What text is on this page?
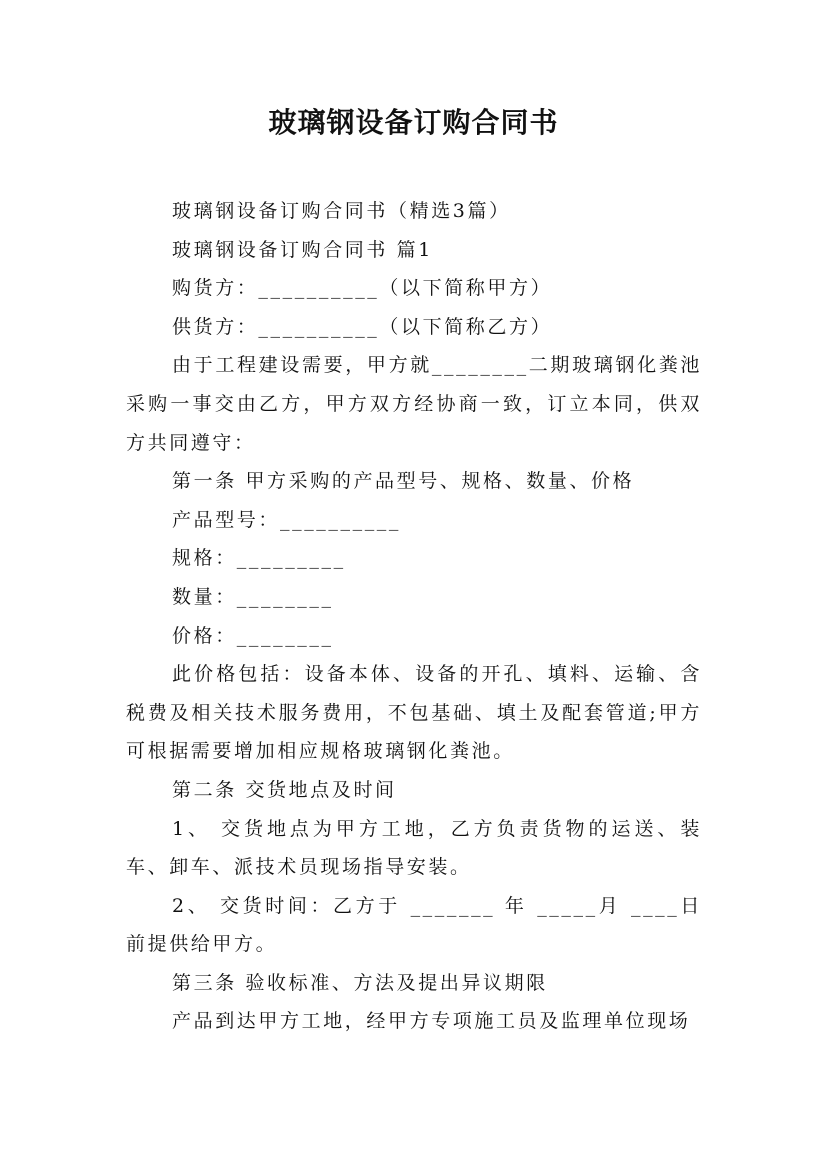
玻璃钢设备订购合同书

玻璃钢设备订购合同书（精选3篇）

玻璃钢设备订购合同书 篇1

购货方：__________（以下简称甲方）

供货方：__________（以下简称乙方）

由于工程建设需要，甲方就________二期玻璃钢化粪池采购一事交由乙方，甲方双方经协商一致，订立本同，供双方共同遵守：

第一条 甲方采购的产品型号、规格、数量、价格

产品型号：__________

规格：_________

数量：________

价格：________

此价格包括：设备本体、设备的开孔、填料、运输、含税费及相关技术服务费用，不包基础、填土及配套管道;甲方可根据需要增加相应规格玻璃钢化粪池。

第二条 交货地点及时间

1、 交货地点为甲方工地，乙方负责货物的运送、装车、卸车、派技术员现场指导安装。

2、 交货时间：乙方于 _______ 年 _____月 ____日前提供给甲方。

第三条 验收标准、方法及提出异议期限

产品到达甲方工地，经甲方专项施工员及监理单位现场
